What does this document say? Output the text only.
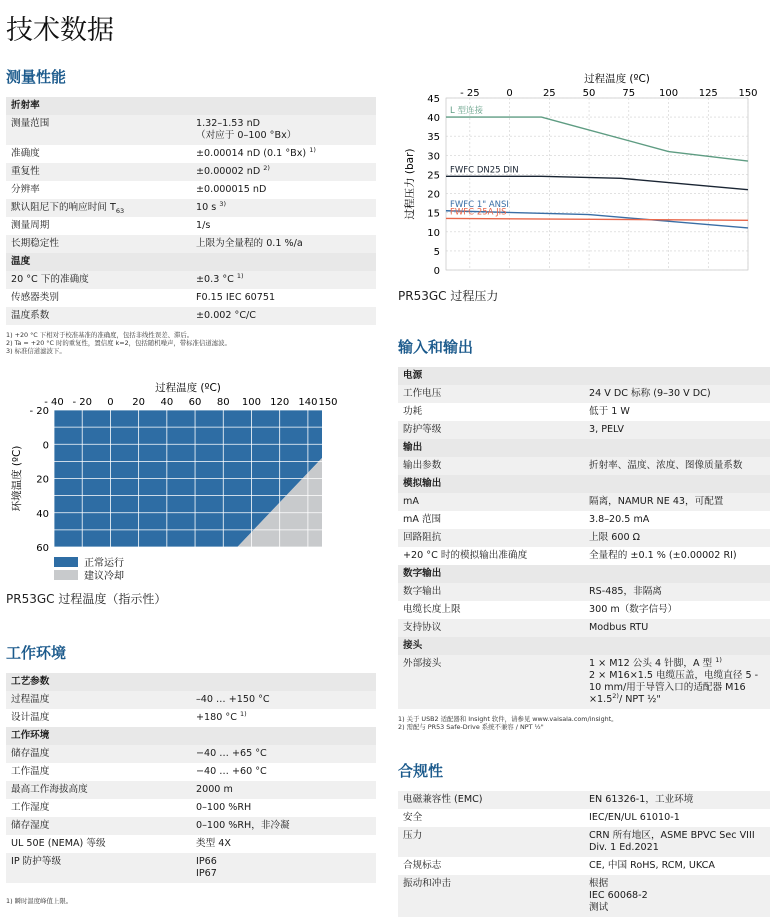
技术数据
测量性能
折射率	
测量范围	1.32–1.53 nD
（对应于 0–100 °Bx）

准确度	±0.00014 nD (0.1 °Bx) $^{1)}$

重复性	±0.00002 nD $^{2)}$

分辨率	±0.000015 nD

默认阻尼下的响应时间 $T_{63}$	10 s $^{3)}$

测量周期	1/s

长期稳定性	上限为全量程的 0.1 %/a

温度	
20 °C 下的准确度	±0.3 °C $^{1)}$

传感器类别	F0.15 IEC 60751

温度系数	±0.002 °C/C
1) +20 °C 下相对于校准基准的准确度，包括非线性误差、滞后。
2) Ta = +20 °C 时的重复性，置信度 k=2，包括随机噪声，带标准信道滤波。
3) 标准信道滤波下。
过程温度 (ºC)
- 40 - 20 0 20 40 60 80 100 120 140 150
- 20
0
20
40
60
环境温度 (ºC)
正常运行
建议冷却
PR53GC 过程温度（指示性）
工作环境
工艺参数	
过程温度	–40 … +150 °C

设计温度	+180 °C $^{1)}$

工作环境	
储存温度	−40 … +65 °C

工作温度	−40 … +60 °C

最高工作海拔高度	2000 m

工作湿度	0–100 %RH

储存湿度	0–100 %RH，非冷凝

UL 50E (NEMA) 等级	类型 4X

IP 防护等级	IP66
IP67
1) 瞬时温度峰值上限。
过程温度 (ºC)
- 25	0	25	50	75 100 125 150
45
40
35
30
25
20
15
10
5
0
过程压力 (bar)
L 型连接
FWFC DN25 DIN
FWFC 1" ANSI
FWFC 25A JIS
PR53GC 过程压力
输入和输出
电源	
工作电压	24 V DC 标称 (9–30 V DC)

功耗	低于 1 W

防护等级	3, PELV

输出	
输出参数	折射率、温度、浓度、图像质量系数

模拟输出	
mA	隔离，NAMUR NE 43，可配置

mA 范围	3.8–20.5 mA

回路阻抗	上限 600 Ω

+20 °C 时的模拟输出准确度	全量程的 ±0.1 % (±0.00002 RI)

数字输出	
数字输出	RS-485，非隔离

电缆长度上限	300 m（数字信号）

支持协议	Modbus RTU

接头	
外部接头	1 × M12 公头 4 针脚，A 型 $^{1)}$
2 × M16×1.5 电缆压盖，电缆直径 5 - 10 mm/用于导管入口的适配器 $M16 \times 1.5^{2)}/$ NPT ½"
1) 关于 USB2 适配器和 Insight 软件，请参见 www.vaisala.com/insight。
2) 需配与 PR53 Safe-Drive 系统不兼容 / NPT ½"
合规性
电磁兼容性 (EMC)	EN 61326-1，工业环境

安全	IEC/EN/UL 61010-1

压力	CRN 所有地区，ASME BPVC Sec VIII Div. 1 Ed.2021

合规标志	CE, 中国 RoHS, RCM, UKCA

振动和冲击	根据
IEC 60068-2
测试
